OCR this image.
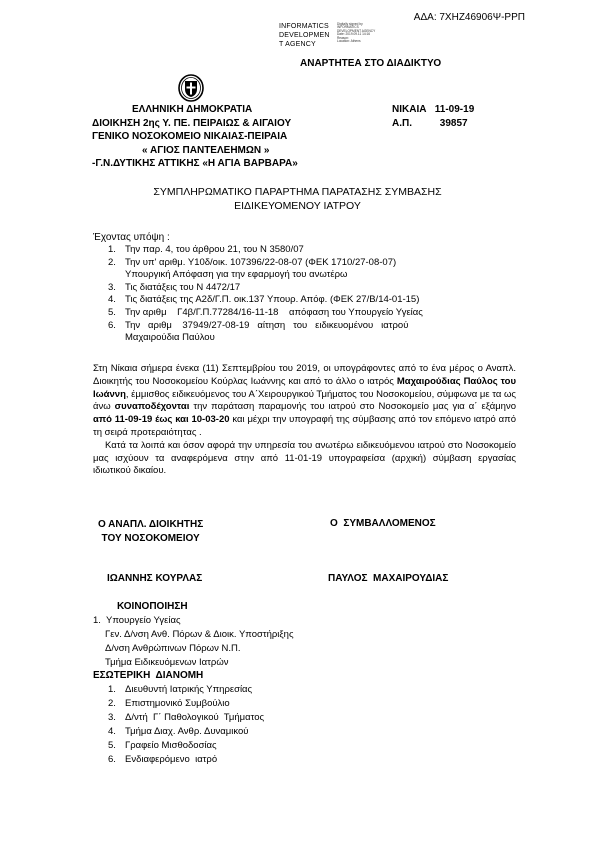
ΑΔΑ: 7ΧΗΖ46906Ψ-ΡΡΠ
INFORMATICS
DEVELOPMEN
T AGENCY
Digitally signed by
INFORMATICS
DEVELOPMENT AGENCY
Date: 2019.09.11 14:16
Reason:
Location: Athens
ΑΝΑΡΤΗΤΕΑ ΣΤΟ ΔΙΑΔΙΚΤΥΟ
ΕΛΛΗΝΙΚΗ ΔΗΜΟΚΡΑΤΙΑ
ΔΙΟΙΚΗΣΗ 2ης Υ. ΠΕ. ΠΕΙΡΑΙΩΣ & ΑΙΓΑΙΟΥ
ΓΕΝΙΚΟ ΝΟΣΟΚΟΜΕΙΟ ΝΙΚΑΙΑΣ-ΠΕΙΡΑΙΑ
« ΑΓΙΟΣ ΠΑΝΤΕΛΕΗΜΩΝ »
-Γ.Ν.ΔΥΤΙΚΗΣ ΑΤΤΙΚΗΣ «Η ΑΓΙΑ ΒΑΡΒΑΡΑ»
ΝΙΚΑΙΑ   11-09-19
Α.Π.          39857
ΣΥΜΠΛΗΡΩΜΑΤΙΚΟ ΠΑΡΑΡΤΗΜΑ ΠΑΡΑΤΑΣΗΣ ΣΥΜΒΑΣΗΣ
ΕΙΔΙΚΕΥΟΜΕΝΟΥ ΙΑΤΡΟΥ
Έχοντας υπόψη :
1. Την παρ. 4, του άρθρου 21, του Ν 3580/07
2. Την υπ' αριθμ. Υ10δ/οικ. 107396/22-08-07 (ΦΕΚ 1710/27-08-07)
Υπουργική Απόφαση για την εφαρμογή του ανωτέρω
3. Τις διατάξεις του Ν 4472/17
4. Τις διατάξεις της Α2δ/Γ.Π. οικ.137 Υπουρ. Απόφ. (ΦΕΚ 27/Β/14-01-15)
5. Την αριθμ    Γ4β/Γ.Π.77284/16-11-18    απόφαση του Υπουργείο Υγείας
6. Την   αριθμ    37949/27-08-19   αίτηση   του   ειδικευομένου   ιατρού
Μαχαιρούδια Παύλου

Στη Νίκαια σήμερα ένεκα (11) Σεπτεμβρίου του 2019, οι υπογράφοντες από το ένα μέρος ο Αναπλ. Διοικητής του Νοσοκομείου Κούρλας Ιωάννης και από το άλλο ο ιατρός Μαχαιρούδιας Παύλος του Ιωάννη, έμμισθος ειδικευόμενος του Α΄Χειρουργικού Τμήματος του Νοσοκομείου, σύμφωνα με τα ως άνω συναποδέχονται την παράταση παραμονής του ιατρού στο Νοσοκομείο μας για α΄ εξάμηνο από 11-09-19 έως και 10-03-20 και μέχρι την υπογραφή της σύμβασης από τον επόμενο ιατρό από τη σειρά προτεραιότητας .

Κατά τα λοιπά και όσον αφορά την υπηρεσία του ανωτέρω ειδικευόμενου ιατρού στο Νοσοκομείο μας ισχύουν τα αναφερόμενα στην από 11-01-19 υπογραφείσα (αρχική) σύμβαση εργασίας ιδιωτικού δικαίου.

Ο ΑΝΑΠΛ. ΔΙΟΙΚΗΤΗΣ
ΤΟΥ ΝΟΣΟΚΟΜΕΙΟΥ
Ο  ΣΥΜΒΑΛΛΟΜΕΝΟΣ
ΙΩΑΝΝΗΣ ΚΟΥΡΛΑΣ	ΠΑΥΛΟΣ  ΜΑΧΑΙΡΟΥΔΙΑΣ
ΚΟΙΝΟΠΟΙΗΣΗ
1.  Υπουργείο Υγείας
Γεν. Δ/νση Ανθ. Πόρων & Διοικ. Υποστήριξης
Δ/νση Ανθρώπινων Πόρων Ν.Π.
Τμήμα Ειδικευόμενων Ιατρών
ΕΣΩΤΕΡΙΚΗ  ΔΙΑΝΟΜΗ
1. Διευθυντή Ιατρικής Υπηρεσίας
2. Επιστημονικό Συμβούλιο
3. Δ/ντή  Γ΄ Παθολογικού  Τμήματος
4. Τμήμα Διαχ. Ανθρ. Δυναμικού
5. Γραφείο Μισθοδοσίας
6. Ενδιαφερόμενο  ιατρό
